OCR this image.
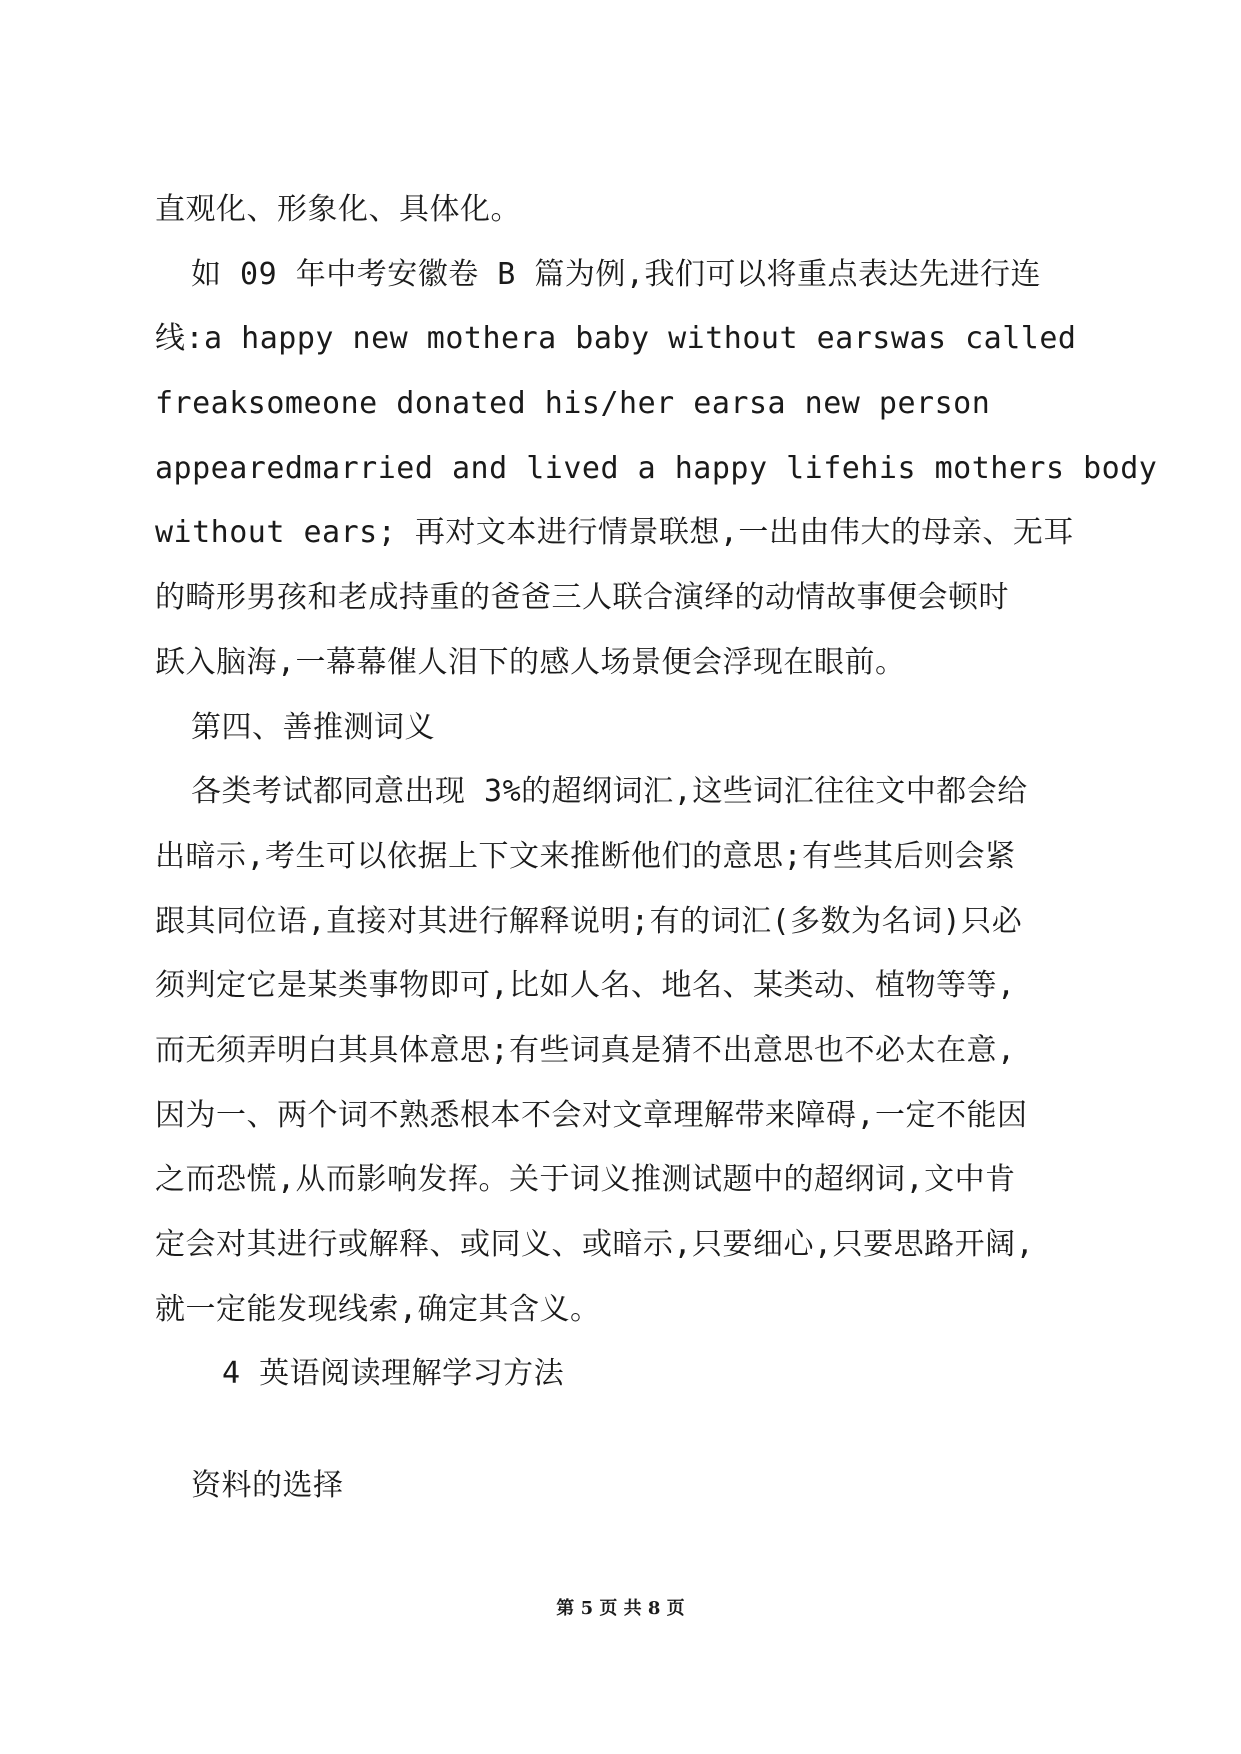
直观化、形象化、具体化。
如 09 年中考安徽卷 B 篇为例,我们可以将重点表达先进行连
线:a happy new mothera baby without earswas called
freaksomeone donated his/her earsa new person
appearedmarried and lived a happy lifehis mothers body
without ears; 再对文本进行情景联想,一出由伟大的母亲、无耳
的畸形男孩和老成持重的爸爸三人联合演绎的动情故事便会顿时
跃入脑海,一幕幕催人泪下的感人场景便会浮现在眼前。
第四、善推测词义
各类考试都同意出现 3%的超纲词汇,这些词汇往往文中都会给
出暗示,考生可以依据上下文来推断他们的意思;有些其后则会紧
跟其同位语,直接对其进行解释说明;有的词汇(多数为名词)只必
须判定它是某类事物即可,比如人名、地名、某类动、植物等等,
而无须弄明白其具体意思;有些词真是猜不出意思也不必太在意,
因为一、两个词不熟悉根本不会对文章理解带来障碍,一定不能因
之而恐慌,从而影响发挥。关于词义推测试题中的超纲词,文中肯
定会对其进行或解释、或同义、或暗示,只要细心,只要思路开阔,
就一定能发现线索,确定其含义。
4 英语阅读理解学习方法
资料的选择
第 5 页 共 8 页
